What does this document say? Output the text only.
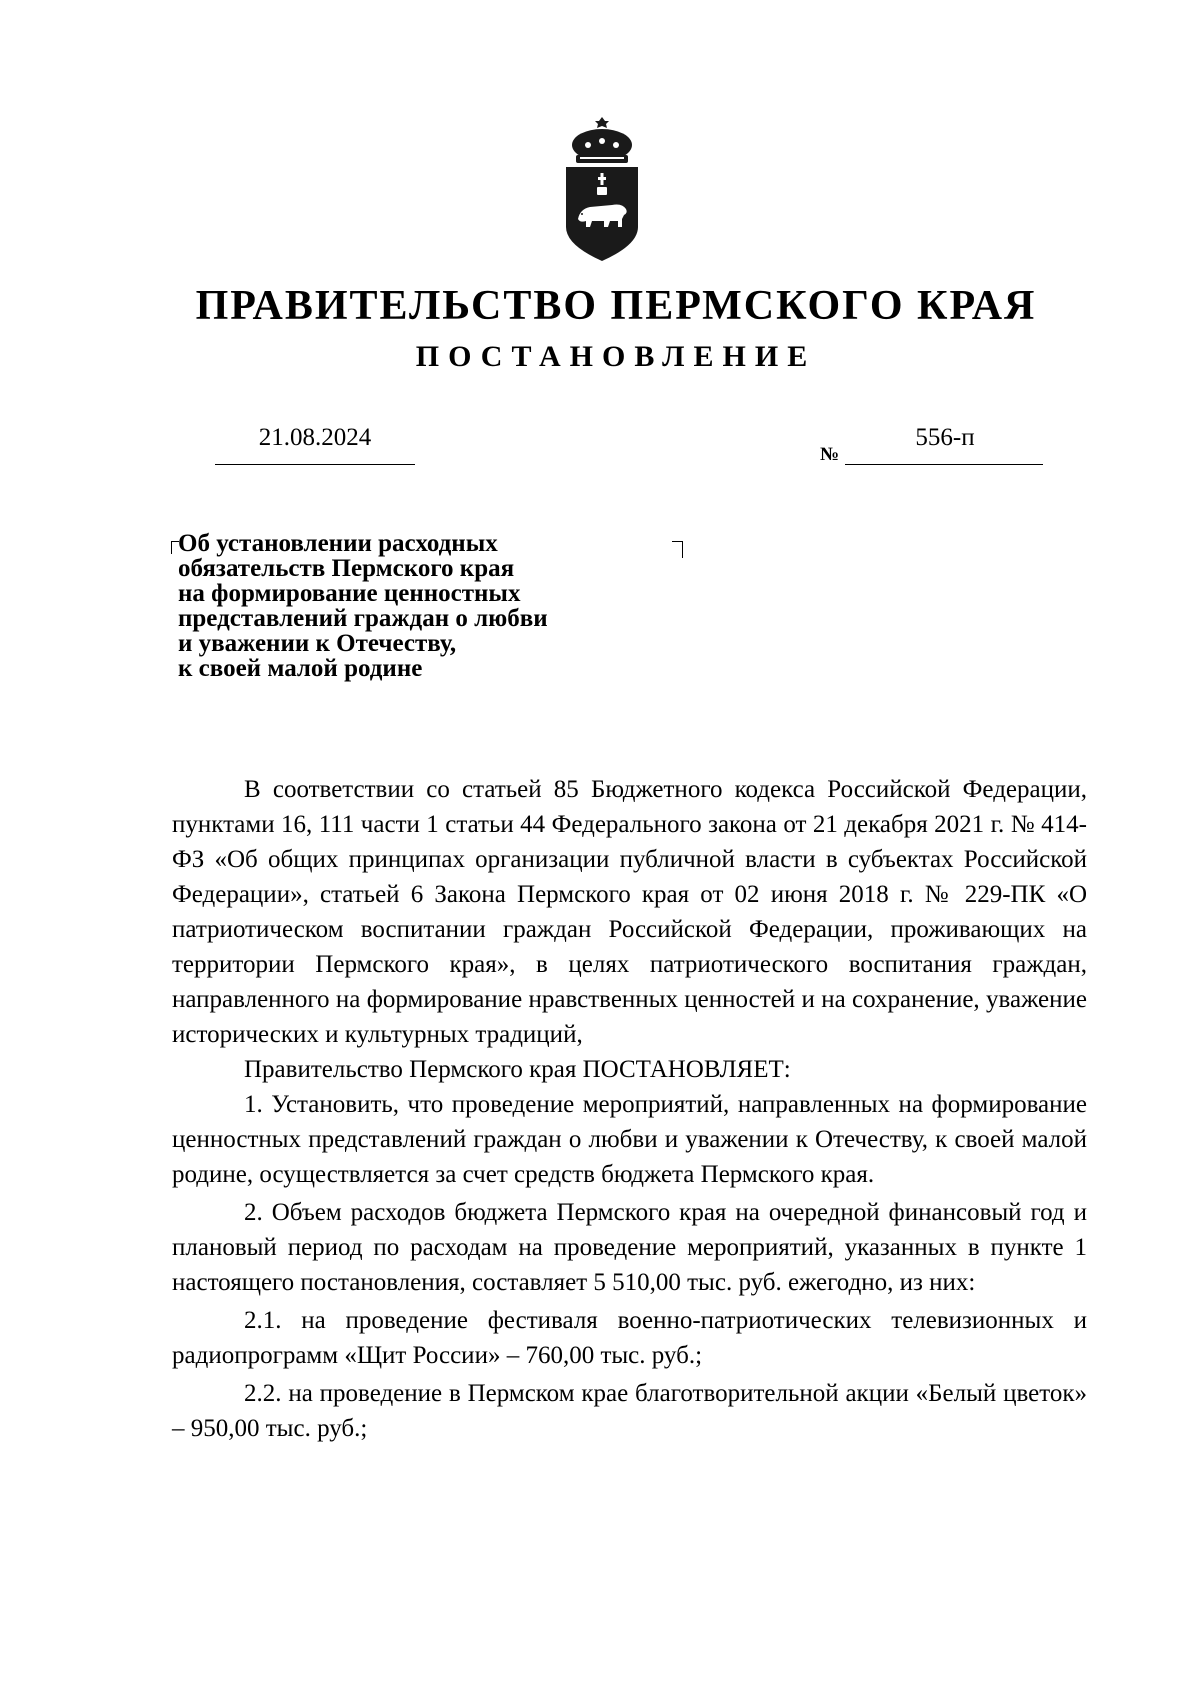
ПРАВИТЕЛЬСТВО ПЕРМСКОГО КРАЯ
ПОСТАНОВЛЕНИЕ
21.08.2024
№
556-п
Об установлении расходных
обязательств Пермского края
на формирование ценностных
представлений граждан о любви
и уважении к Отечеству,
к своей малой родине

В соответствии со статьей 85 Бюджетного кодекса Российской Федерации, пунктами 16, 111 части 1 статьи 44 Федерального закона от 21 декабря 2021 г. № 414-ФЗ «Об общих принципах организации публичной власти в субъектах Российской Федерации», статьей 6 Закона Пермского края от 02 июня 2018 г. № 229-ПК «О патриотическом воспитании граждан Российской Федерации, проживающих на территории Пермского края», в целях патриотического воспитания граждан, направленного на формирование нравственных ценностей и на сохранение, уважение исторических и культурных традиций,

Правительство Пермского края ПОСТАНОВЛЯЕТ:

1. Установить, что проведение мероприятий, направленных на формирование ценностных представлений граждан о любви и уважении к Отечеству, к своей малой родине, осуществляется за счет средств бюджета Пермского края.

2. Объем расходов бюджета Пермского края на очередной финансовый год и плановый период по расходам на проведение мероприятий, указанных в пункте 1 настоящего постановления, составляет 5 510,00 тыс. руб. ежегодно, из них:

2.1. на проведение фестиваля военно-патриотических телевизионных и радиопрограмм «Щит России» – 760,00 тыс. руб.;

2.2. на проведение в Пермском крае благотворительной акции «Белый цветок» – 950,00 тыс. руб.;
